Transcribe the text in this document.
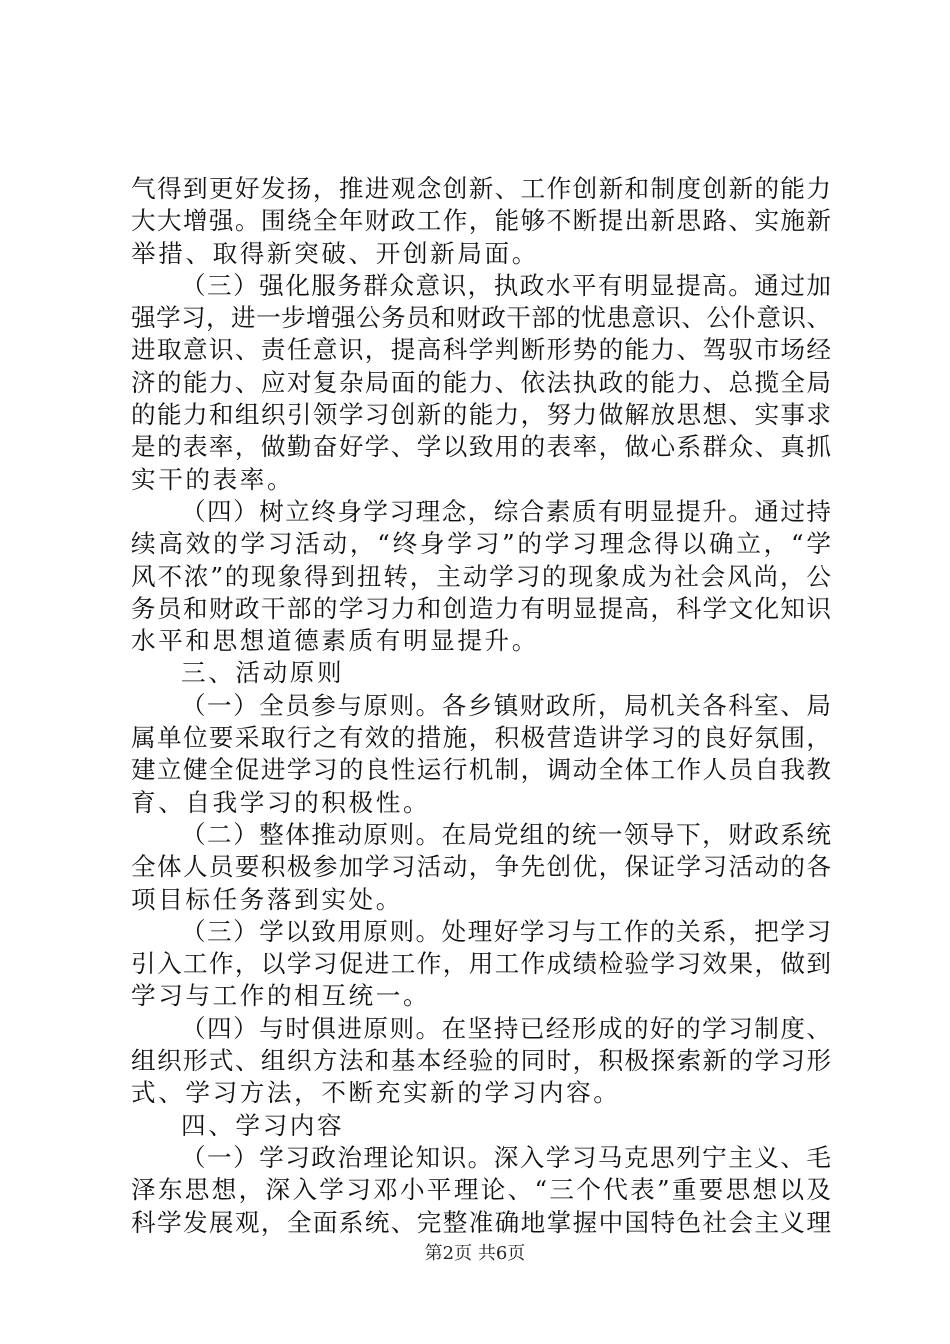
气得到更好发扬，推进观念创新、工作创新和制度创新的能力
大大增强。围绕全年财政工作，能够不断提出新思路、实施新
举措、取得新突破、开创新局面。
（三）强化服务群众意识，执政水平有明显提高。通过加
强学习，进一步增强公务员和财政干部的忧患意识、公仆意识、
进取意识、责任意识，提高科学判断形势的能力、驾驭市场经
济的能力、应对复杂局面的能力、依法执政的能力、总揽全局
的能力和组织引领学习创新的能力，努力做解放思想、实事求
是的表率，做勤奋好学、学以致用的表率，做心系群众、真抓
实干的表率。
（四）树立终身学习理念，综合素质有明显提升。通过持
续高效的学习活动，“终身学习”的学习理念得以确立，“学
风不浓”的现象得到扭转，主动学习的现象成为社会风尚，公
务员和财政干部的学习力和创造力有明显提高，科学文化知识
水平和思想道德素质有明显提升。
三、活动原则
（一）全员参与原则。各乡镇财政所，局机关各科室、局
属单位要采取行之有效的措施，积极营造讲学习的良好氛围，
建立健全促进学习的良性运行机制，调动全体工作人员自我教
育、自我学习的积极性。
（二）整体推动原则。在局党组的统一领导下，财政系统
全体人员要积极参加学习活动，争先创优，保证学习活动的各
项目标任务落到实处。
（三）学以致用原则。处理好学习与工作的关系，把学习
引入工作，以学习促进工作，用工作成绩检验学习效果，做到
学习与工作的相互统一。
（四）与时俱进原则。在坚持已经形成的好的学习制度、
组织形式、组织方法和基本经验的同时，积极探索新的学习形
式、学习方法，不断充实新的学习内容。
四、学习内容
（一）学习政治理论知识。深入学习马克思列宁主义、毛
泽东思想，深入学习邓小平理论、“三个代表”重要思想以及
科学发展观，全面系统、完整准确地掌握中国特色社会主义理
第2页 共6页
